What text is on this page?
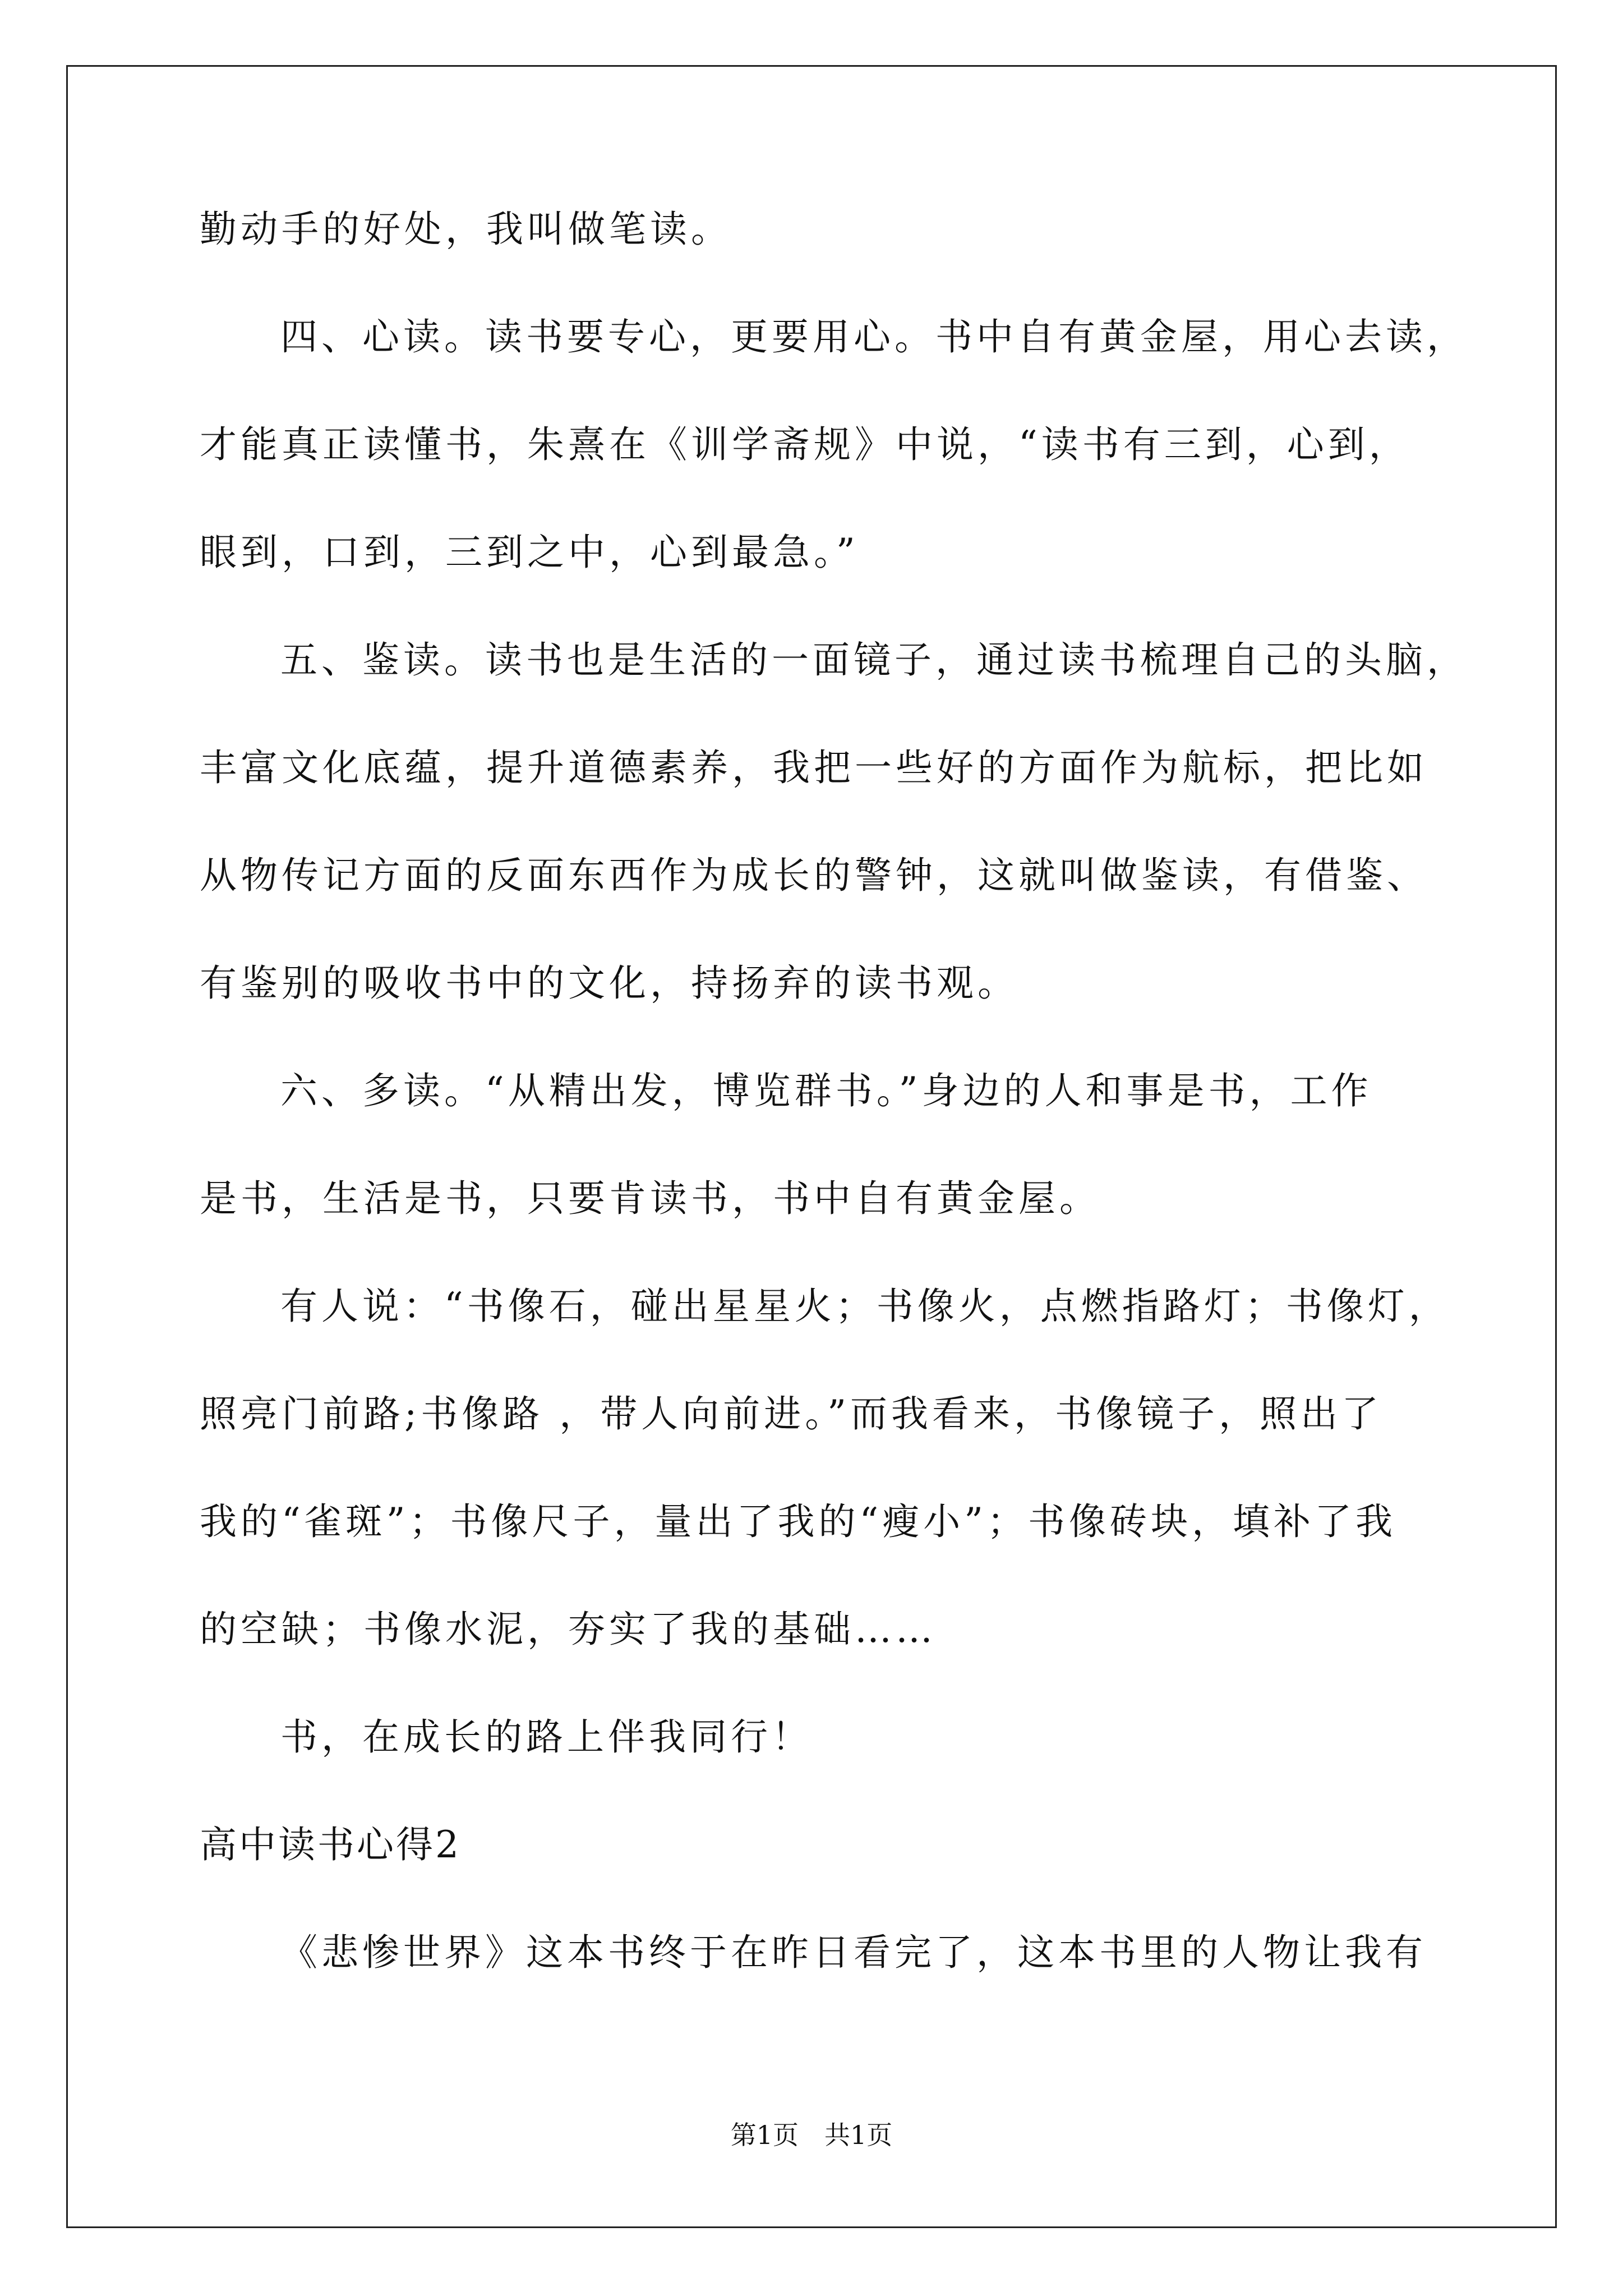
勤动手的好处，我叫做笔读。
四、心读。读书要专心，更要用心。书中自有黄金屋，用心去读，
才能真正读懂书，朱熹在《训学斋规》中说，“读书有三到，心到，
眼到，口到，三到之中，心到最急。”
五、鉴读。读书也是生活的一面镜子，通过读书梳理自己的头脑，
丰富文化底蕴，提升道德素养，我把一些好的方面作为航标，把比如
从物传记方面的反面东西作为成长的警钟，这就叫做鉴读，有借鉴、
有鉴别的吸收书中的文化，持扬弃的读书观。
六、多读。“从精出发，博览群书。”身边的人和事是书，工作
是书，生活是书，只要肯读书，书中自有黄金屋。
有人说：“书像石，碰出星星火；书像火，点燃指路灯；书像灯，
照亮门前路;书像路 ，带人向前进。”而我看来，书像镜子，照出了
我的“雀斑”；书像尺子，量出了我的“瘦小”；书像砖块，填补了我
的空缺；书像水泥，夯实了我的基础……
书，在成长的路上伴我同行！
高中读书心得2
《悲惨世界》这本书终于在昨日看完了，这本书里的人物让我有
第1页　共1页
